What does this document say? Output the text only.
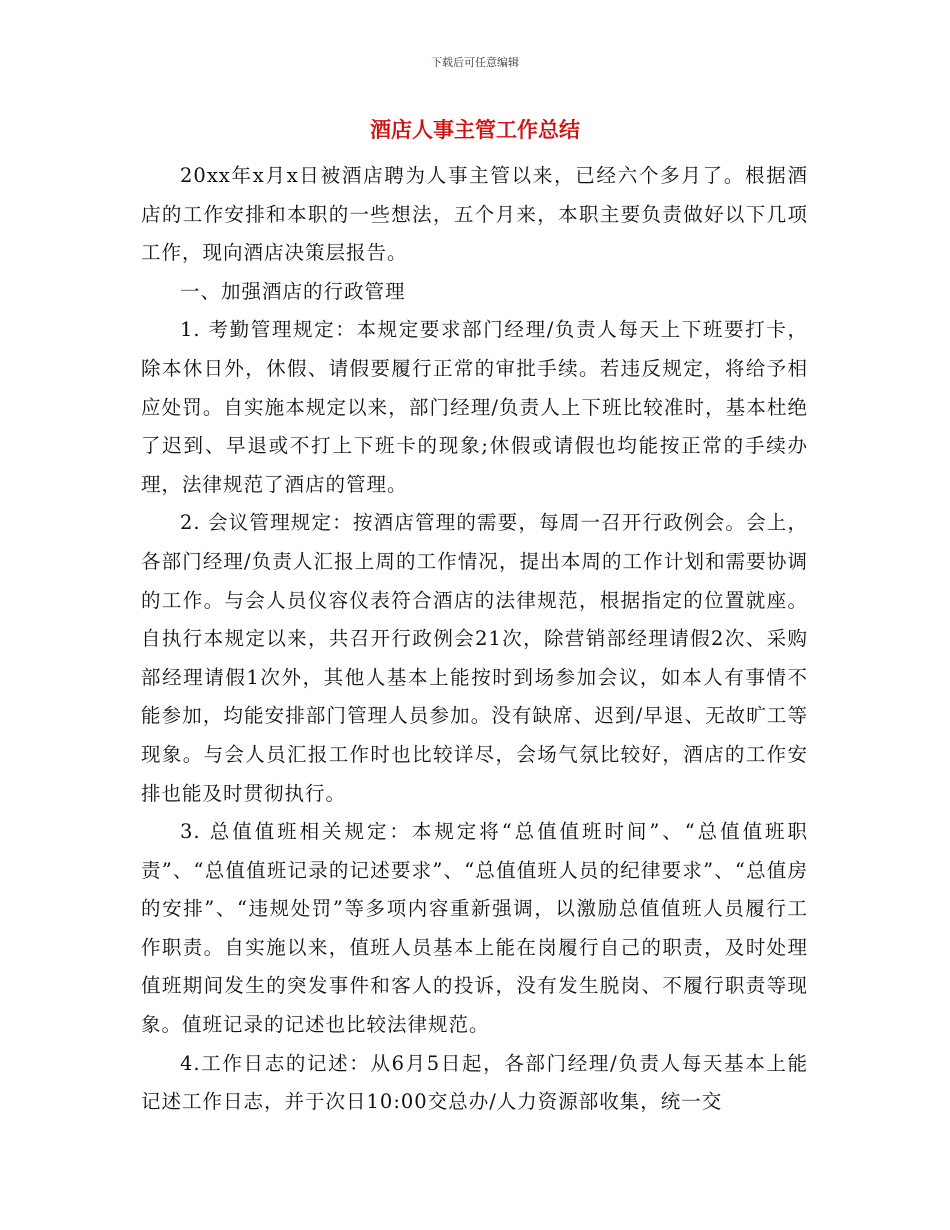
下载后可任意编辑
酒店人事主管工作总结

20xx年x月x日被酒店聘为人事主管以来，已经六个多月了。根据酒店的工作安排和本职的一些想法，五个月来，本职主要负责做好以下几项工作，现向酒店决策层报告。

一、加强酒店的行政管理

1. 考勤管理规定：本规定要求部门经理/负责人每天上下班要打卡，除本休日外，休假、请假要履行正常的审批手续。若违反规定，将给予相应处罚。自实施本规定以来，部门经理/负责人上下班比较准时，基本杜绝了迟到、早退或不打上下班卡的现象;休假或请假也均能按正常的手续办理，法律规范了酒店的管理。

2. 会议管理规定：按酒店管理的需要，每周一召开行政例会。会上，各部门经理/负责人汇报上周的工作情况，提出本周的工作计划和需要协调的工作。与会人员仪容仪表符合酒店的法律规范，根据指定的位置就座。自执行本规定以来，共召开行政例会21次，除营销部经理请假2次、采购部经理请假1次外，其他人基本上能按时到场参加会议，如本人有事情不能参加，均能安排部门管理人员参加。没有缺席、迟到/早退、无故旷工等现象。与会人员汇报工作时也比较详尽，会场气氛比较好，酒店的工作安排也能及时贯彻执行。

3. 总值值班相关规定：本规定将“总值值班时间”、“总值值班职责”、“总值值班记录的记述要求”、“总值值班人员的纪律要求”、“总值房的安排”、“违规处罚”等多项内容重新强调，以激励总值值班人员履行工作职责。自实施以来，值班人员基本上能在岗履行自己的职责，及时处理值班期间发生的突发事件和客人的投诉，没有发生脱岗、不履行职责等现象。值班记录的记述也比较法律规范。

4.工作日志的记述：从6月5日起，各部门经理/负责人每天基本上能记述工作日志，并于次日10:00交总办/人力资源部收集，统一交
